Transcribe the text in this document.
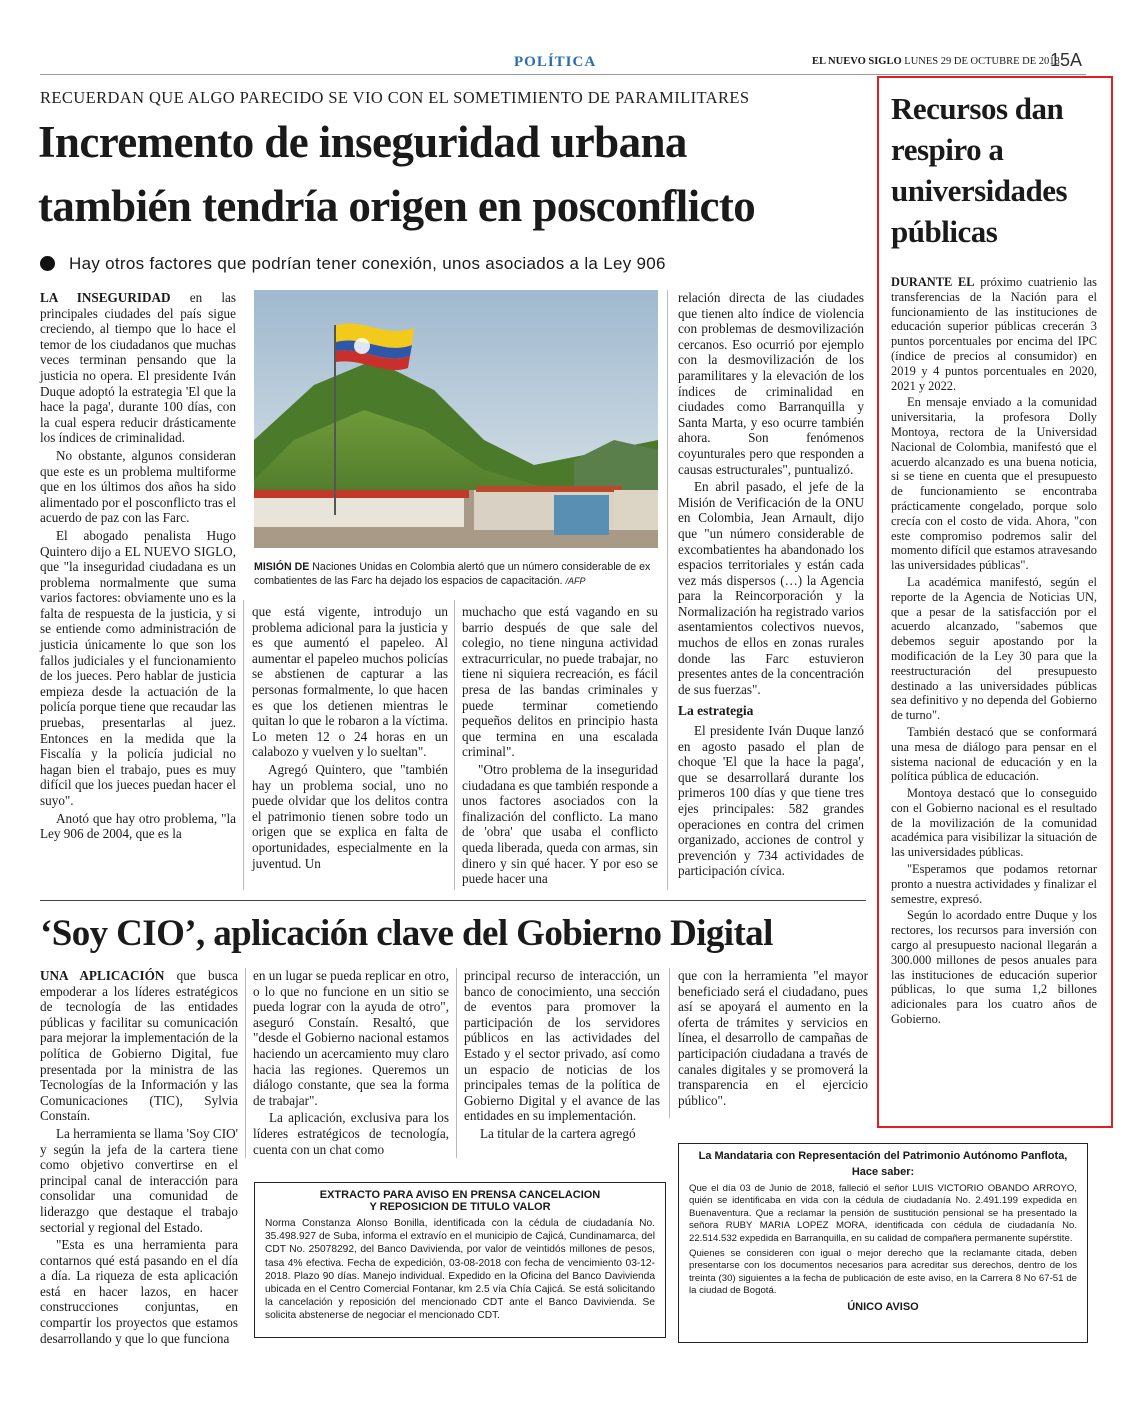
POLÍTICA	EL NUEVO SIGLO LUNES 29 DE OCTUBRE DE 2018
15A
RECUERDAN QUE ALGO PARECIDO SE VIO CON EL SOMETIMIENTO DE PARAMILITARES
Incremento de inseguridad urbana
también tendría origen en posconflicto
Hay otros factores que podrían tener conexión, unos asociados a la Ley 906

LA INSEGURIDAD en las principales ciudades del país sigue creciendo, al tiempo que lo hace el temor de los ciudadanos que muchas veces terminan pensando que la justicia no opera. El presidente Iván Duque adoptó la estrategia 'El que la hace la paga', durante 100 días, con la cual espera reducir drásticamente los índices de criminalidad.

No obstante, algunos consideran que este es un problema multiforme que en los últimos dos años ha sido alimentado por el posconflicto tras el acuerdo de paz con las Farc.

El abogado penalista Hugo Quintero dijo a EL NUEVO SIGLO, que "la inseguridad ciudadana es un problema normalmente que suma varios factores: obviamente uno es la falta de respuesta de la justicia, y si se entiende como administración de justicia únicamente lo que son los fallos judiciales y el funcionamiento de los jueces. Pero hablar de justicia empieza desde la actuación de la policía porque tiene que recaudar las pruebas, presentarlas al juez. Entonces en la medida que la Fiscalía y la policía judicial no hagan bien el trabajo, pues es muy difícil que los jueces puedan hacer el suyo".

Anotó que hay otro problema, "la Ley 906 de 2004, que es la

MISIÓN DE Naciones Unidas en Colombia alertó que un número considerable de ex combatientes de las Farc ha dejado los espacios de capacitación. /AFP

que está vigente, introdujo un problema adicional para la justicia y es que aumentó el papeleo. Al aumentar el papeleo muchos policías se abstienen de capturar a las personas formalmente, lo que hacen es que los detienen mientras le quitan lo que le robaron a la víctima. Lo meten 12 o 24 horas en un calabozo y vuelven y lo sueltan".

Agregó Quintero, que "también hay un problema social, uno no puede olvidar que los delitos contra el patrimonio tienen sobre todo un origen que se explica en falta de oportunidades, especialmente en la juventud. Un

muchacho que está vagando en su barrio después de que sale del colegio, no tiene ninguna actividad extracurricular, no puede trabajar, no tiene ni siquiera recreación, es fácil presa de las bandas criminales y puede terminar cometiendo pequeños delitos en principio hasta que termina en una escalada criminal".

"Otro problema de la inseguridad ciudadana es que también responde a unos factores asociados con la finalización del conflicto. La mano de 'obra' que usaba el conflicto queda liberada, queda con armas, sin dinero y sin qué hacer. Y por eso se puede hacer una

relación directa de las ciudades que tienen alto índice de violencia con problemas de desmovilización cercanos. Eso ocurrió por ejemplo con la desmovilización de los paramilitares y la elevación de los índices de criminalidad en ciudades como Barranquilla y Santa Marta, y eso ocurre también ahora. Son fenómenos coyunturales pero que responden a causas estructurales", puntualizó.

En abril pasado, el jefe de la Misión de Verificación de la ONU en Colombia, Jean Arnault, dijo que "un número considerable de excombatientes ha abandonado los espacios territoriales y están cada vez más dispersos (…) la Agencia para la Reincorporación y la Normalización ha registrado varios asentamientos colectivos nuevos, muchos de ellos en zonas rurales donde las Farc estuvieron presentes antes de la concentración de sus fuerzas".

La estrategia

El presidente Iván Duque lanzó en agosto pasado el plan de choque 'El que la hace la paga', que se desarrollará durante los primeros 100 días y que tiene tres ejes principales: 582 grandes operaciones en contra del crimen organizado, acciones de control y prevención y 734 actividades de participación cívica.

Recursos dan respiro a universidades públicas

DURANTE EL próximo cuatrienio las transferencias de la Nación para el funcionamiento de las instituciones de educación superior públicas crecerán 3 puntos porcentuales por encima del IPC (índice de precios al consumidor) en 2019 y 4 puntos porcentuales en 2020, 2021 y 2022.

En mensaje enviado a la comunidad universitaria, la profesora Dolly Montoya, rectora de la Universidad Nacional de Colombia, manifestó que el acuerdo alcanzado es una buena noticia, si se tiene en cuenta que el presupuesto de funcionamiento se encontraba prácticamente congelado, porque solo crecía con el costo de vida. Ahora, "con este compromiso podremos salir del momento difícil que estamos atravesando las universidades públicas".

La académica manifestó, según el reporte de la Agencia de Noticias UN, que a pesar de la satisfacción por el acuerdo alcanzado, "sabemos que debemos seguir apostando por la modificación de la Ley 30 para que la reestructuración del presupuesto destinado a las universidades públicas sea definitivo y no dependa del Gobierno de turno".

También destacó que se conformará una mesa de diálogo para pensar en el sistema nacional de educación y en la política pública de educación.

Montoya destacó que lo conseguido con el Gobierno nacional es el resultado de la movilización de la comunidad académica para visibilizar la situación de las universidades públicas.

"Esperamos que podamos retornar pronto a nuestra actividades y finalizar el semestre, expresó.

Según lo acordado entre Duque y los rectores, los recursos para inversión con cargo al presupuesto nacional llegarán a 300.000 millones de pesos anuales para las instituciones de educación superior públicas, lo que suma 1,2 billones adicionales para los cuatro años de Gobierno.

‘Soy CIO’, aplicación clave del Gobierno Digital

UNA APLICACIÓN que busca empoderar a los líderes estratégicos de tecnología de las entidades públicas y facilitar su comunicación para mejorar la implementación de la política de Gobierno Digital, fue presentada por la ministra de las Tecnologías de la Información y las Comunicaciones (TIC), Sylvia Constaín.

La herramienta se llama 'Soy CIO' y según la jefa de la cartera tiene como objetivo convertirse en el principal canal de interacción para consolidar una comunidad de liderazgo que destaque el trabajo sectorial y regional del Estado.

"Esta es una herramienta para contarnos qué está pasando en el día a día. La riqueza de esta aplicación está en hacer lazos, en hacer construcciones conjuntas, en compartir los proyectos que estamos desarrollando y que lo que funciona

en un lugar se pueda replicar en otro, o lo que no funcione en un sitio se pueda lograr con la ayuda de otro", aseguró Constaín. Resaltó, que "desde el Gobierno nacional estamos haciendo un acercamiento muy claro hacia las regiones. Queremos un diálogo constante, que sea la forma de trabajar".

La aplicación, exclusiva para los líderes estratégicos de tecnología, cuenta con un chat como

principal recurso de interacción, un banco de conocimiento, una sección de eventos para promover la participación de los servidores públicos en las actividades del Estado y el sector privado, así como un espacio de noticias de los principales temas de la política de Gobierno Digital y el avance de las entidades en su implementación.

La titular de la cartera agregó

que con la herramienta "el mayor beneficiado será el ciudadano, pues así se apoyará el aumento en la oferta de trámites y servicios en línea, el desarrollo de campañas de participación ciudadana a través de canales digitales y se promoverá la transparencia en el ejercicio público".

EXTRACTO PARA AVISO EN PRENSA CANCELACION
Y REPOSICION DE TITULO VALOR
Norma Constanza Alonso Bonilla, identificada con la cédula de ciudadanía No. 35.498.927 de Suba, informa el extravío en el municipio de Cajicá, Cundinamarca, del CDT No. 25078292, del Banco Davivienda, por valor de veintidós millones de pesos, tasa 4% efectiva. Fecha de expedición, 03-08-2018 con fecha de vencimiento 03-12-2018. Plazo 90 días. Manejo individual. Expedido en la Oficina del Banco Davivienda ubicada en el Centro Comercial Fontanar, km 2.5 vía Chía Cajicá. Se está solicitando la cancelación y reposición del mencionado CDT ante el Banco Davivienda. Se solicita abstenerse de negociar el mencionado CDT.
La Mandataria con Representación del Patrimonio Autónomo Panflota,
Hace saber:

Que el día 03 de Junio de 2018, falleció el señor LUIS VICTORIO OBANDO ARROYO, quién se identificaba en vida con la cédula de ciudadanía No. 2.491.199 expedida en Buenaventura. Que a reclamar la pensión de sustitución pensional se ha presentado la señora RUBY MARIA LOPEZ MORA, identificada con cédula de ciudadanía No. 22.514.532 expedida en Barranquilla, en su calidad de compañera permanente supérstite.

Quienes se consideren con igual o mejor derecho que la reclamante citada, deben presentarse con los documentos necesarios para acreditar sus derechos, dentro de los treinta (30) siguientes a la fecha de publicación de este aviso, en la Carrera 8 No 67-51 de la ciudad de Bogotá.

ÚNICO AVISO
